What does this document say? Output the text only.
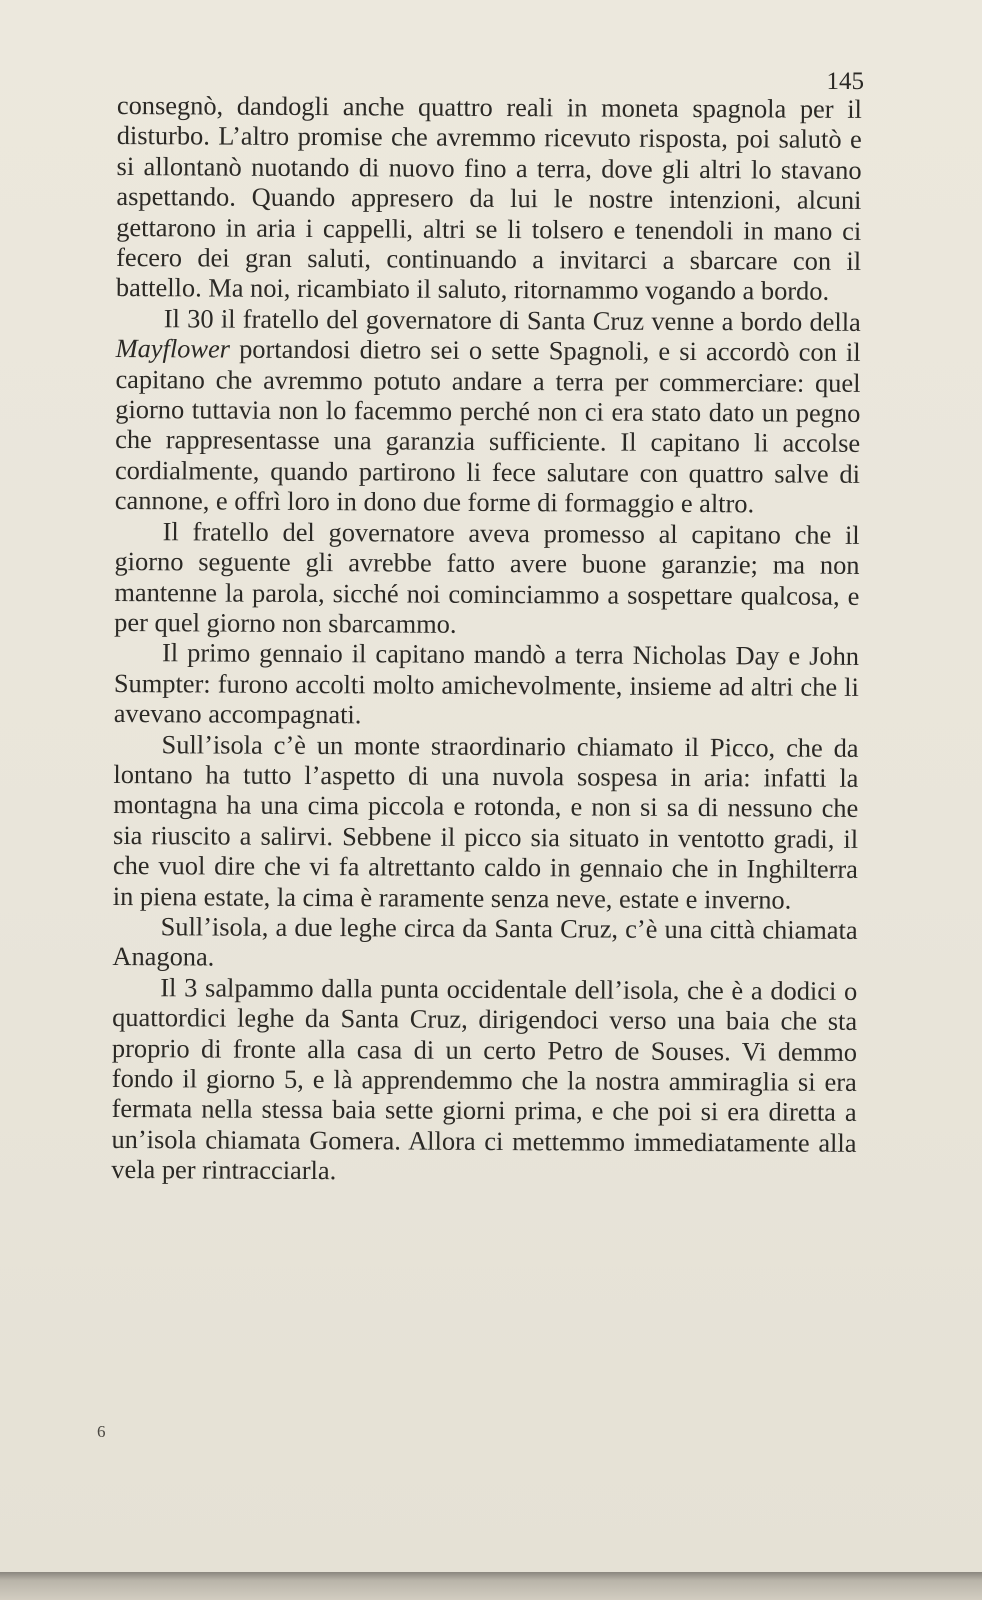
145

consegnò, dandogli anche quattro reali in moneta spagnola per il disturbo. L’altro promise che avremmo ricevuto risposta, poi salutò e si allontanò nuotando di nuovo fino a terra, dove gli altri lo stavano aspettando. Quando appresero da lui le nostre intenzioni, alcuni gettarono in aria i cappelli, altri se li tolsero e tenendoli in mano ci fecero dei gran saluti, continuando a invitarci a sbarcare con il battello. Ma noi, ricambiato il saluto, ritornammo vogando a bordo.

Il 30 il fratello del governatore di Santa Cruz venne a bordo della Mayflower portandosi dietro sei o sette Spagnoli, e si accordò con il capitano che avremmo potuto andare a terra per commerciare: quel giorno tuttavia non lo facemmo perché non ci era stato dato un pegno che rappresentasse una garanzia sufficiente. Il capitano li accolse cordialmente, quando partirono li fece salutare con quattro salve di cannone, e offrì loro in dono due forme di formaggio e altro.

Il fratello del governatore aveva promesso al capitano che il giorno seguente gli avrebbe fatto avere buone garanzie; ma non mantenne la parola, sicché noi cominciammo a sospettare qualcosa, e per quel giorno non sbarcammo.

Il primo gennaio il capitano mandò a terra Nicholas Day e John Sumpter: furono accolti molto amichevolmente, insieme ad altri che li avevano accompagnati.

Sull’isola c’è un monte straordinario chiamato il Picco, che da lontano ha tutto l’aspetto di una nuvola sospesa in aria: infatti la montagna ha una cima piccola e rotonda, e non si sa di nessuno che sia riuscito a salirvi. Sebbene il picco sia situato in ventotto gradi, il che vuol dire che vi fa altrettanto caldo in gennaio che in Inghilterra in piena estate, la cima è raramente senza neve, estate e inverno.

Sull’isola, a due leghe circa da Santa Cruz, c’è una città chiamata Anagona.

Il 3 salpammo dalla punta occidentale dell’isola, che è a dodici o quattordici leghe da Santa Cruz, dirigendoci verso una baia che sta proprio di fronte alla casa di un certo Petro de Souses. Vi demmo fondo il giorno 5, e là apprendemmo che la nostra ammiraglia si era fermata nella stessa baia sette giorni prima, e che poi si era diretta a un’isola chiamata Gomera. Allora ci mettemmo immediatamente alla vela per rintracciarla.

6
